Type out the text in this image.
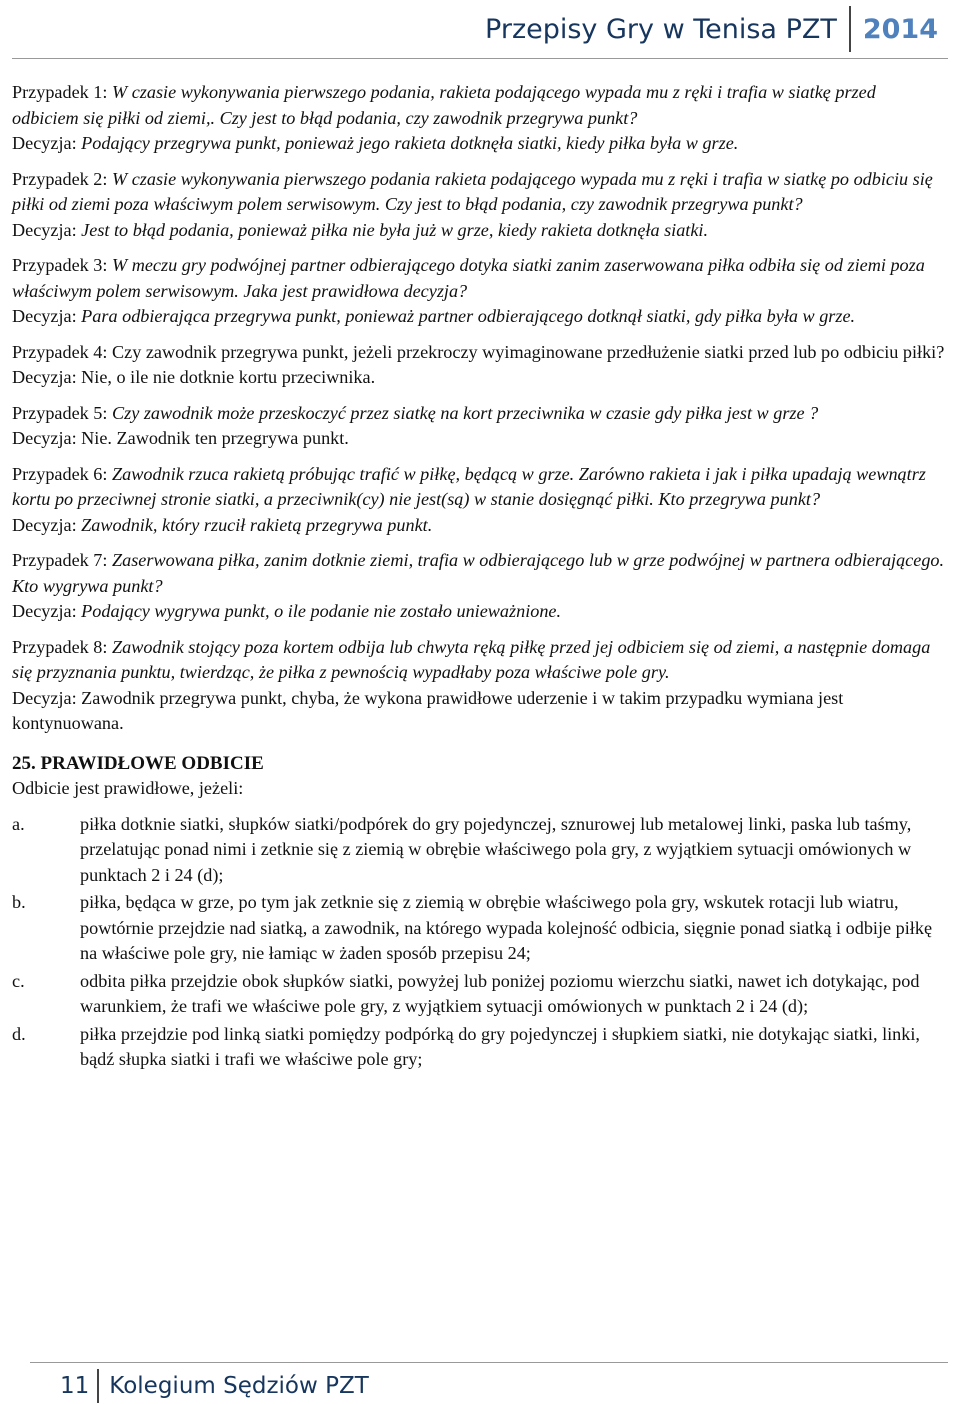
Przepisy Gry w Tenisa PZT 2014

Przypadek 1: W czasie wykonywania pierwszego podania, rakieta podającego wypada mu z ręki i trafia w siatkę przed odbiciem się piłki od ziemi,. Czy jest to błąd podania, czy zawodnik przegrywa punkt?

Decyzja: Podający przegrywa punkt, ponieważ jego rakieta dotknęła siatki, kiedy piłka była w grze.

Przypadek 2: W czasie wykonywania pierwszego podania rakieta podającego wypada mu z ręki i trafia w siatkę po odbiciu się piłki od ziemi poza właściwym polem serwisowym. Czy jest to błąd podania, czy zawodnik przegrywa punkt?

Decyzja: Jest to błąd podania, ponieważ piłka nie była już w grze, kiedy rakieta dotknęła siatki.

Przypadek 3: W meczu gry podwójnej partner odbierającego dotyka siatki zanim zaserwowana piłka odbiła się od ziemi poza właściwym polem serwisowym. Jaka jest prawidłowa decyzja?

Decyzja: Para odbierająca przegrywa punkt, ponieważ partner odbierającego dotknął siatki, gdy piłka była w grze.

Przypadek 4: Czy zawodnik przegrywa punkt, jeżeli przekroczy wyimaginowane przedłużenie siatki przed lub po odbiciu piłki?

Decyzja: Nie, o ile nie dotknie kortu przeciwnika.

Przypadek 5: Czy zawodnik może przeskoczyć przez siatkę na kort przeciwnika w czasie gdy piłka jest w grze ?

Decyzja: Nie. Zawodnik ten przegrywa punkt.

Przypadek 6: Zawodnik rzuca rakietą próbując trafić w piłkę, będącą w grze. Zarówno rakieta i jak i piłka upadają wewnątrz kortu po przeciwnej stronie siatki, a przeciwnik(cy) nie jest(są) w stanie dosięgnąć piłki. Kto przegrywa punkt?

Decyzja: Zawodnik, który rzucił rakietą przegrywa punkt.

Przypadek 7: Zaserwowana piłka, zanim dotknie ziemi, trafia w odbierającego lub w grze podwójnej w partnera odbierającego. Kto wygrywa punkt?

Decyzja: Podający wygrywa punkt, o ile podanie nie zostało unieważnione.

Przypadek 8: Zawodnik stojący poza kortem odbija lub chwyta ręką piłkę przed jej odbiciem się od ziemi, a następnie domaga się przyznania punktu, twierdząc, że piłka z pewnością wypadłaby poza właściwe pole gry.

Decyzja: Zawodnik przegrywa punkt, chyba, że wykona prawidłowe uderzenie i w takim przypadku wymiana jest kontynuowana.

25. PRAWIDŁOWE ODBICIE

Odbicie jest prawidłowe, jeżeli:

a.	piłka dotknie siatki, słupków siatki/podpórek do gry pojedynczej, sznurowej lub metalowej linki, paska lub taśmy, przelatując ponad nimi i zetknie się z ziemią w obrębie właściwego pola gry, z wyjątkiem sytuacji omówionych w punktach 2 i 24 (d);
b.	piłka, będąca w grze, po tym jak zetknie się z ziemią w obrębie właściwego pola gry, wskutek rotacji lub wiatru, powtórnie przejdzie nad siatką, a zawodnik, na którego wypada kolejność odbicia, sięgnie ponad siatką i odbije piłkę na właściwe pole gry, nie łamiąc w żaden sposób przepisu 24;
c.	odbita piłka przejdzie obok słupków siatki, powyżej lub poniżej poziomu wierzchu siatki, nawet ich dotykając, pod warunkiem, że trafi we właściwe pole gry, z wyjątkiem sytuacji omówionych w punktach 2 i 24 (d);
d.	piłka przejdzie pod linką siatki pomiędzy podpórką do gry pojedynczej i słupkiem siatki, nie dotykając siatki, linki, bądź słupka siatki i trafi we właściwe pole gry;
11 Kolegium Sędziów PZT
